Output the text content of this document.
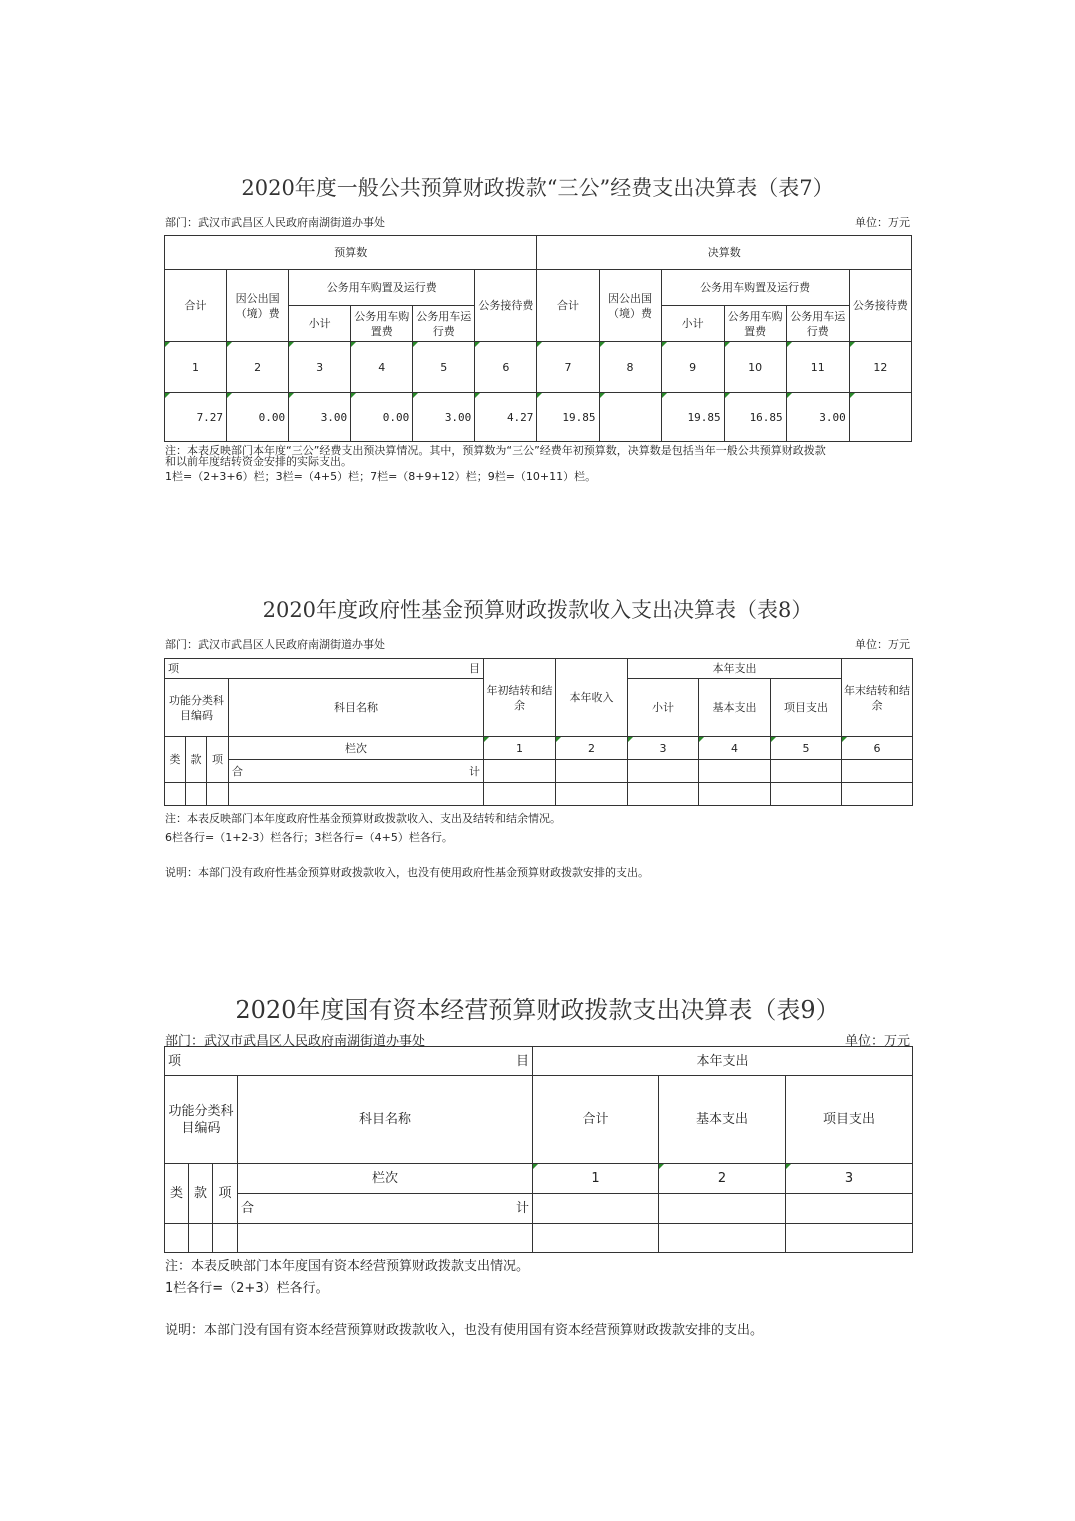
2020年度一般公共预算财政拨款“三公”经费支出决算表（表7）
部门：武汉市武昌区人民政府南湖街道办事处	单位：万元
预算数						决算数					
合计	因公出国（境）费	公务用车购置及运行费			公务接待费	合计	因公出国（境）费	公务用车购置及运行费			公务接待费
		小计	公务用车购置费	公务用车运行费				小计	公务用车购置费	公务用车运行费	
1	2	3	4	5	6	7	8	9	10	11	12
7.27	0.00	3.00	0.00	3.00	4.27	19.85		19.85	16.85	3.00	
注：本表反映部门本年度“三公”经费支出预决算情况。其中，预算数为“三公”经费年初预算数，决算数是包括当年一般公共预算财政拨款
和以前年度结转资金安排的实际支出。
1栏=（2+3+6）栏；3栏=（4+5）栏；7栏=（8+9+12）栏；9栏=（10+11）栏。
2020年度政府性基金预算财政拨款收入支出决算表（表8）
部门：武汉市武昌区人民政府南湖街道办事处	单位：万元
项 目				年初结转和结余	本年收入	本年支出			年末结转和结余
功能分类科目编码			科目名称			小计	基本支出	项目支出	
类	款	项	栏次	1	2	3	4	5	6

			合 计						

注：本表反映部门本年度政府性基金预算财政拨款收入、支出及结转和结余情况。
6栏各行=（1+2-3）栏各行；3栏各行=（4+5）栏各行。
说明：本部门没有政府性基金预算财政拨款收入，也没有使用政府性基金预算财政拨款安排的支出。
2020年度国有资本经营预算财政拨款支出决算表（表9）
部门：武汉市武昌区人民政府南湖街道办事处	单位：万元
项 目				本年支出		
功能分类科目编码			科目名称	合计	基本支出	项目支出
类	款	项	栏次	1	2	3

			合 计			

注：本表反映部门本年度国有资本经营预算财政拨款支出情况。
1栏各行=（2+3）栏各行。
说明：本部门没有国有资本经营预算财政拨款收入，也没有使用国有资本经营预算财政拨款安排的支出。
